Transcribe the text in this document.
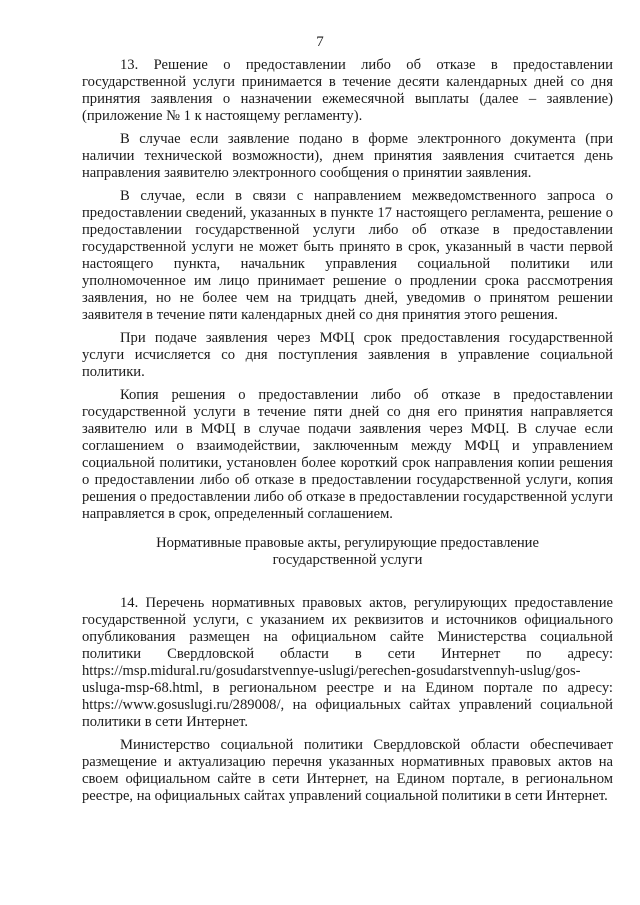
7

13. Решение о предоставлении либо об отказе в предоставлении государственной услуги принимается в течение десяти календарных дней со дня принятия заявления о назначении ежемесячной выплаты (далее – заявление) (приложение № 1 к настоящему регламенту).

В случае если заявление подано в форме электронного документа (при наличии технической возможности), днем принятия заявления считается день направления заявителю электронного сообщения о принятии заявления.

В случае, если в связи с направлением межведомственного запроса о предоставлении сведений, указанных в пункте 17 настоящего регламента, решение о предоставлении государственной услуги либо об отказе в предоставлении государственной услуги не может быть принято в срок, указанный в части первой настоящего пункта, начальник управления социальной политики или уполномоченное им лицо принимает решение о продлении срока рассмотрения заявления, но не более чем на тридцать дней, уведомив о принятом решении заявителя в течение пяти календарных дней со дня принятия этого решения.

При подаче заявления через МФЦ срок предоставления государственной услуги исчисляется со дня поступления заявления в управление социальной политики.

Копия решения о предоставлении либо об отказе в предоставлении государственной услуги в течение пяти дней со дня его принятия направляется заявителю или в МФЦ в случае подачи заявления через МФЦ. В случае если соглашением о взаимодействии, заключенным между МФЦ и управлением социальной политики, установлен более короткий срок направления копии решения о предоставлении либо об отказе в предоставлении государственной услуги, копия решения о предоставлении либо об отказе в предоставлении государственной услуги направляется в срок, определенный соглашением.

Нормативные правовые акты, регулирующие предоставление
государственной услуги

14. Перечень нормативных правовых актов, регулирующих предоставление государственной услуги, с указанием их реквизитов и источников официального опубликования размещен на официальном сайте Министерства социальной политики Свердловской области в сети Интернет по адресу: https://msp.midural.ru/gosudarstvennye-uslugi/perechen-gosudarstvennyh-uslug/gos-usluga-msp-68.html, в региональном реестре и на Едином портале по адресу: https://www.gosuslugi.ru/289008/, на официальных сайтах управлений социальной политики в сети Интернет.

Министерство социальной политики Свердловской области обеспечивает размещение и актуализацию перечня указанных нормативных правовых актов на своем официальном сайте в сети Интернет, на Едином портале, в региональном реестре, на официальных сайтах управлений социальной политики в сети Интернет.
